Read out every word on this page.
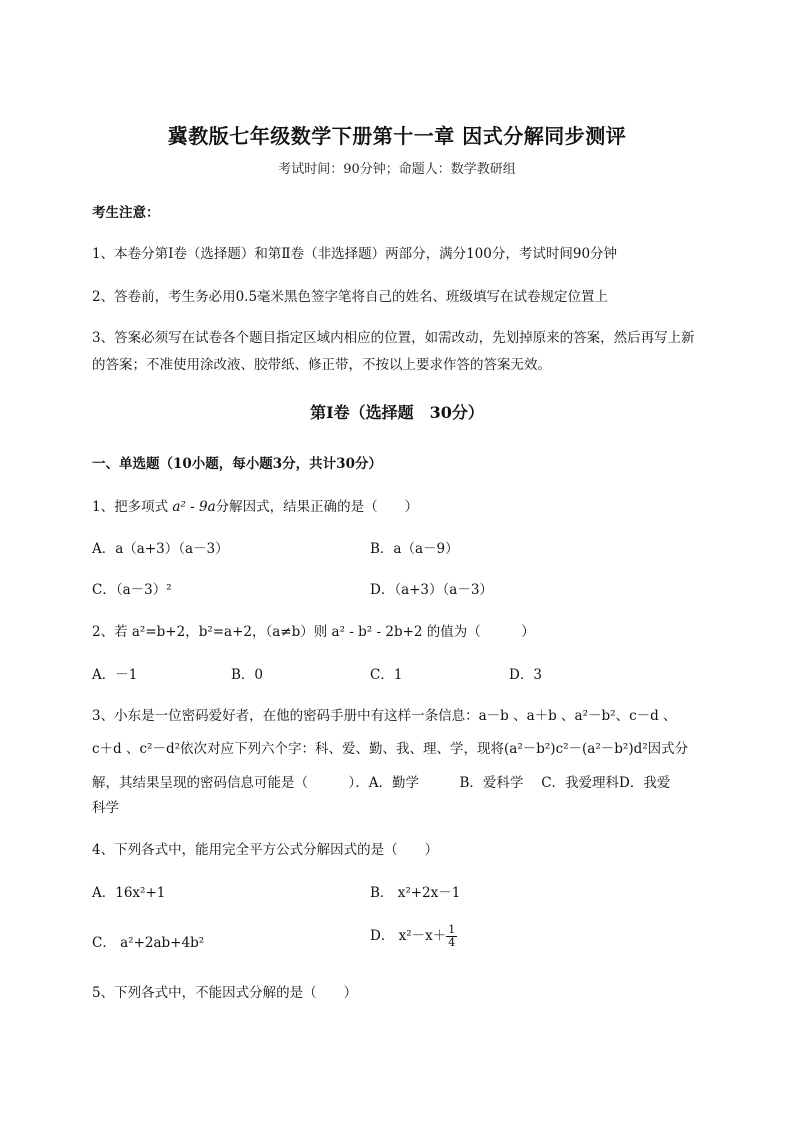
冀教版七年级数学下册第十一章 因式分解同步测评
考试时间：90分钟；命题人：数学教研组
考生注意：
1、本卷分第I卷（选择题）和第Ⅱ卷（非选择题）两部分，满分100分，考试时间90分钟
2、答卷前，考生务必用0.5毫米黑色签字笔将自己的姓名、班级填写在试卷规定位置上
3、答案必须写在试卷各个题目指定区域内相应的位置，如需改动，先划掉原来的答案，然后再写上新
的答案；不准使用涂改液、胶带纸、修正带，不按以上要求作答的答案无效。
第I卷（选择题　30分）
一、单选题（10小题，每小题3分，共计30分）
1、把多项式 a² - 9a分解因式，结果正确的是（　　）
A．a（a+3）（a－3）	B．a（a－9）
C．（a－3）²	D．（a+3）（a－3）
2、若 a²=b+2，b²=a+2，（a≠b）则 a² - b² - 2b+2 的值为（　　　）
A．－1	B．0	C．1	D．3
3、小东是一位密码爱好者，在他的密码手册中有这样一条信息：a－b 、a＋b 、a²－b²、c－d 、
c＋d 、c²－d²依次对应下列六个字：科、爱、勤、我、理、学，现将(a²－b²)c²－(a²－b²)d²因式分
解，其结果呈现的密码信息可能是（　　　）．A．勤学　　　B．爱科学　 C．我爱理科D．我爱
科学
4、下列各式中，能用完全平方公式分解因式的是（　　）
A．16x²+1	B． x²+2x－1
C． a²+2ab+4b²	D． $x^2-x+ \frac{1}{4}$
5、下列各式中，不能因式分解的是（　　）
